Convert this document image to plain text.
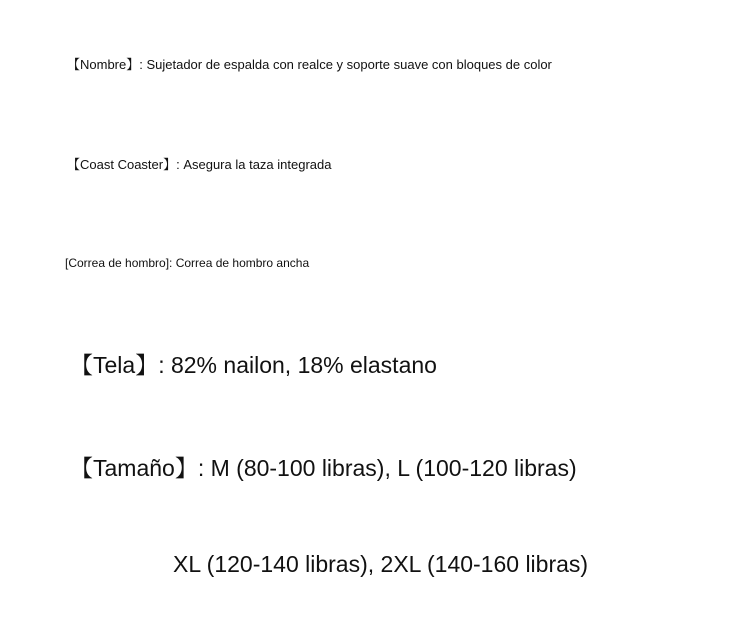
【Nombre】: Sujetador de espalda con realce y soporte suave con bloques de color

【Coast Coaster】: Asegura la taza integrada

[Correa de hombro]: Correa de hombro ancha

【Tela】: 82% nailon, 18% elastano

【Tamaño】: M (80-100 libras), L (100-120 libras)

XL (120-140 libras), 2XL (140-160 libras)
